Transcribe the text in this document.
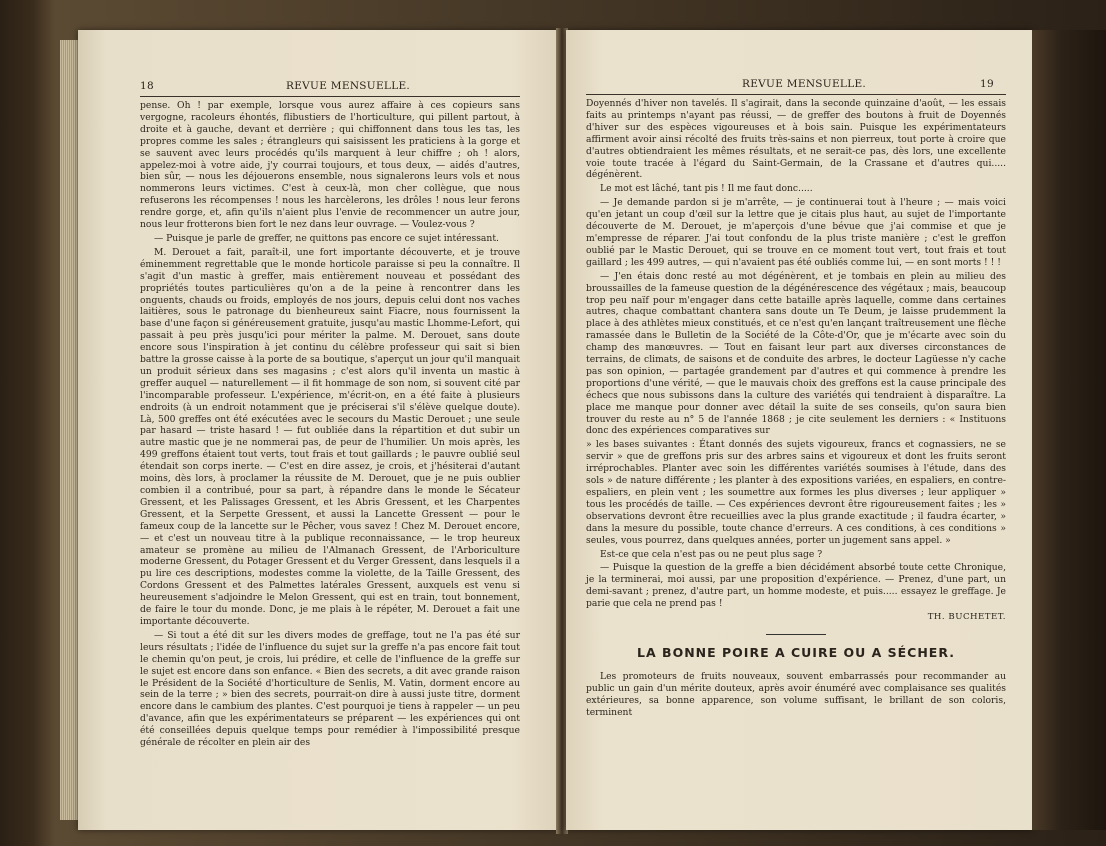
18	REVUE MENSUELLE.

pense. Oh ! par exemple, lorsque vous aurez affaire à ces copieurs sans vergogne, racoleurs éhontés, flibustiers de l'horticulture, qui pillent partout, à droite et à gauche, devant et derrière ; qui chiffonnent dans tous les tas, les propres comme les sales ; étrangleurs qui saisissent les praticiens à la gorge et se sauvent avec leurs procédés qu'ils marquent à leur chiffre ; oh ! alors, appelez-moi à votre aide, j'y courrai toujours, et tous deux, — aidés d'autres, bien sûr, — nous les déjouerons ensemble, nous signalerons leurs vols et nous nommerons leurs victimes. C'est à ceux-là, mon cher collègue, que nous refuserons les récompenses ! nous les harcèlerons, les drôles ! nous leur ferons rendre gorge, et, afin qu'ils n'aient plus l'envie de recommencer un autre jour, nous leur frotterons bien fort le nez dans leur ouvrage. — Voulez-vous ?

— Puisque je parle de greffer, ne quittons pas encore ce sujet intéressant.

M. Derouet a fait, paraît-il, une fort importante découverte, et je trouve éminemment regrettable que le monde horticole paraisse si peu la connaître. Il s'agit d'un mastic à greffer, mais entièrement nouveau et possédant des propriétés toutes particulières qu'on a de la peine à rencontrer dans les onguents, chauds ou froids, employés de nos jours, depuis celui dont nos vaches laitières, sous le patronage du bienheureux saint Fiacre, nous fournissent la base d'une façon si généreusement gratuite, jusqu'au mastic Lhomme-Lefort, qui passait à peu près jusqu'ici pour mériter la palme. M. Derouet, sans doute encore sous l'inspiration à jet continu du célèbre professeur qui sait si bien battre la grosse caisse à la porte de sa boutique, s'aperçut un jour qu'il manquait un produit sérieux dans ses magasins ; c'est alors qu'il inventa un mastic à greffer auquel — naturellement — il fit hommage de son nom, si souvent cité par l'incomparable professeur. L'expérience, m'écrit-on, en a été faite à plusieurs endroits (à un endroit notamment que je préciserai s'il s'élève quelque doute). Là, 500 greffes ont été exécutées avec le secours du Mastic Derouet ; une seule par hasard — triste hasard ! — fut oubliée dans la répartition et dut subir un autre mastic que je ne nommerai pas, de peur de l'humilier. Un mois après, les 499 greffons étaient tout verts, tout frais et tout gaillards ; le pauvre oublié seul étendait son corps inerte. — C'est en dire assez, je crois, et j'hésiterai d'autant moins, dès lors, à proclamer la réussite de M. Derouet, que je ne puis oublier combien il a contribué, pour sa part, à répandre dans le monde le Sécateur Gressent, et les Palissages Gressent, et les Abris Gressent, et les Charpentes Gressent, et la Serpette Gressent, et aussi la Lancette Gressent — pour le fameux coup de la lancette sur le Pêcher, vous savez ! Chez M. Derouet encore, — et c'est un nouveau titre à la publique reconnaissance, — le trop heureux amateur se promène au milieu de l'Almanach Gressent, de l'Arboriculture moderne Gressent, du Potager Gressent et du Verger Gressent, dans lesquels il a pu lire ces descriptions, modestes comme la violette, de la Taille Gressent, des Cordons Gressent et des Palmettes latérales Gressent, auxquels est venu si heureusement s'adjoindre le Melon Gressent, qui est en train, tout bonnement, de faire le tour du monde. Donc, je me plais à le répéter, M. Derouet a fait une importante découverte.

— Si tout a été dit sur les divers modes de greffage, tout ne l'a pas été sur leurs résultats ; l'idée de l'influence du sujet sur la greffe n'a pas encore fait tout le chemin qu'on peut, je crois, lui prédire, et celle de l'influence de la greffe sur le sujet est encore dans son enfance. « Bien des secrets, a dit avec grande raison le Président de la Société d'horticulture de Senlis, M. Vatin, dorment encore au sein de la terre ; » bien des secrets, pourrait-on dire à aussi juste titre, dorment encore dans le cambium des plantes. C'est pourquoi je tiens à rappeler — un peu d'avance, afin que les expérimentateurs se préparent — les expériences qui ont été conseillées depuis quelque temps pour remédier à l'impossibilité presque générale de récolter en plein air des

REVUE MENSUELLE.	19

Doyennés d'hiver non tavelés. Il s'agirait, dans la seconde quinzaine d'août, — les essais faits au printemps n'ayant pas réussi, — de greffer des boutons à fruit de Doyennés d'hiver sur des espèces vigoureuses et à bois sain. Puisque les expérimentateurs affirment avoir ainsi récolté des fruits très-sains et non pierreux, tout porte à croire que d'autres obtiendraient les mêmes résultats, et ne serait-ce pas, dès lors, une excellente voie toute tracée à l'égard du Saint-Germain, de la Crassane et d'autres qui..... dégénèrent.

Le mot est lâché, tant pis ! Il me faut donc.....

— Je demande pardon si je m'arrête, — je continuerai tout à l'heure ; — mais voici qu'en jetant un coup d'œil sur la lettre que je citais plus haut, au sujet de l'importante découverte de M. Derouet, je m'aperçois d'une bévue que j'ai commise et que je m'empresse de réparer. J'ai tout confondu de la plus triste manière ; c'est le greffon oublié par le Mastic Derouet, qui se trouve en ce moment tout vert, tout frais et tout gaillard ; les 499 autres, — qui n'avaient pas été oubliés comme lui, — en sont morts ! ! !

— J'en étais donc resté au mot dégénèrent, et je tombais en plein au milieu des broussailles de la fameuse question de la dégénérescence des végétaux ; mais, beaucoup trop peu naïf pour m'engager dans cette bataille après laquelle, comme dans certaines autres, chaque combattant chantera sans doute un Te Deum, je laisse prudemment la place à des athlètes mieux constitués, et ce n'est qu'en lançant traîtreusement une flèche ramassée dans le Bulletin de la Société de la Côte-d'Or, que je m'écarte avec soin du champ des manœuvres. — Tout en faisant leur part aux diverses circonstances de terrains, de climats, de saisons et de conduite des arbres, le docteur Lagüesse n'y cache pas son opinion, — partagée grandement par d'autres et qui commence à prendre les proportions d'une vérité, — que le mauvais choix des greffons est la cause principale des échecs que nous subissons dans la culture des variétés qui tendraient à disparaître. La place me manque pour donner avec détail la suite de ses conseils, qu'on saura bien trouver du reste au n° 5 de l'année 1868 ; je cite seulement les derniers : « Instituons donc des expériences comparatives sur

» les bases suivantes : Étant donnés des sujets vigoureux, francs et cognassiers, ne se servir » que de greffons pris sur des arbres sains et vigoureux et dont les fruits seront irréprochables. Planter avec soin les différentes variétés soumises à l'étude, dans des sols » de nature différente ; les planter à des expositions variées, en espaliers, en contre-espaliers, en plein vent ; les soumettre aux formes les plus diverses ; leur appliquer » tous les procédés de taille. — Ces expériences devront être rigoureusement faites ; les » observations devront être recueillies avec la plus grande exactitude ; il faudra écarter, » dans la mesure du possible, toute chance d'erreurs. A ces conditions, à ces conditions » seules, vous pourrez, dans quelques années, porter un jugement sans appel. »

Est-ce que cela n'est pas ou ne peut plus sage ?

— Puisque la question de la greffe a bien décidément absorbé toute cette Chronique, je la terminerai, moi aussi, par une proposition d'expérience. — Prenez, d'une part, un demi-savant ; prenez, d'autre part, un homme modeste, et puis..... essayez le greffage. Je parie que cela ne prend pas !

TH. BUCHETET.

LA BONNE POIRE A CUIRE OU A SÉCHER.

Les promoteurs de fruits nouveaux, souvent embarrassés pour recommander au public un gain d'un mérite douteux, après avoir énuméré avec complaisance ses qualités extérieures, sa bonne apparence, son volume suffisant, le brillant de son coloris, terminent
